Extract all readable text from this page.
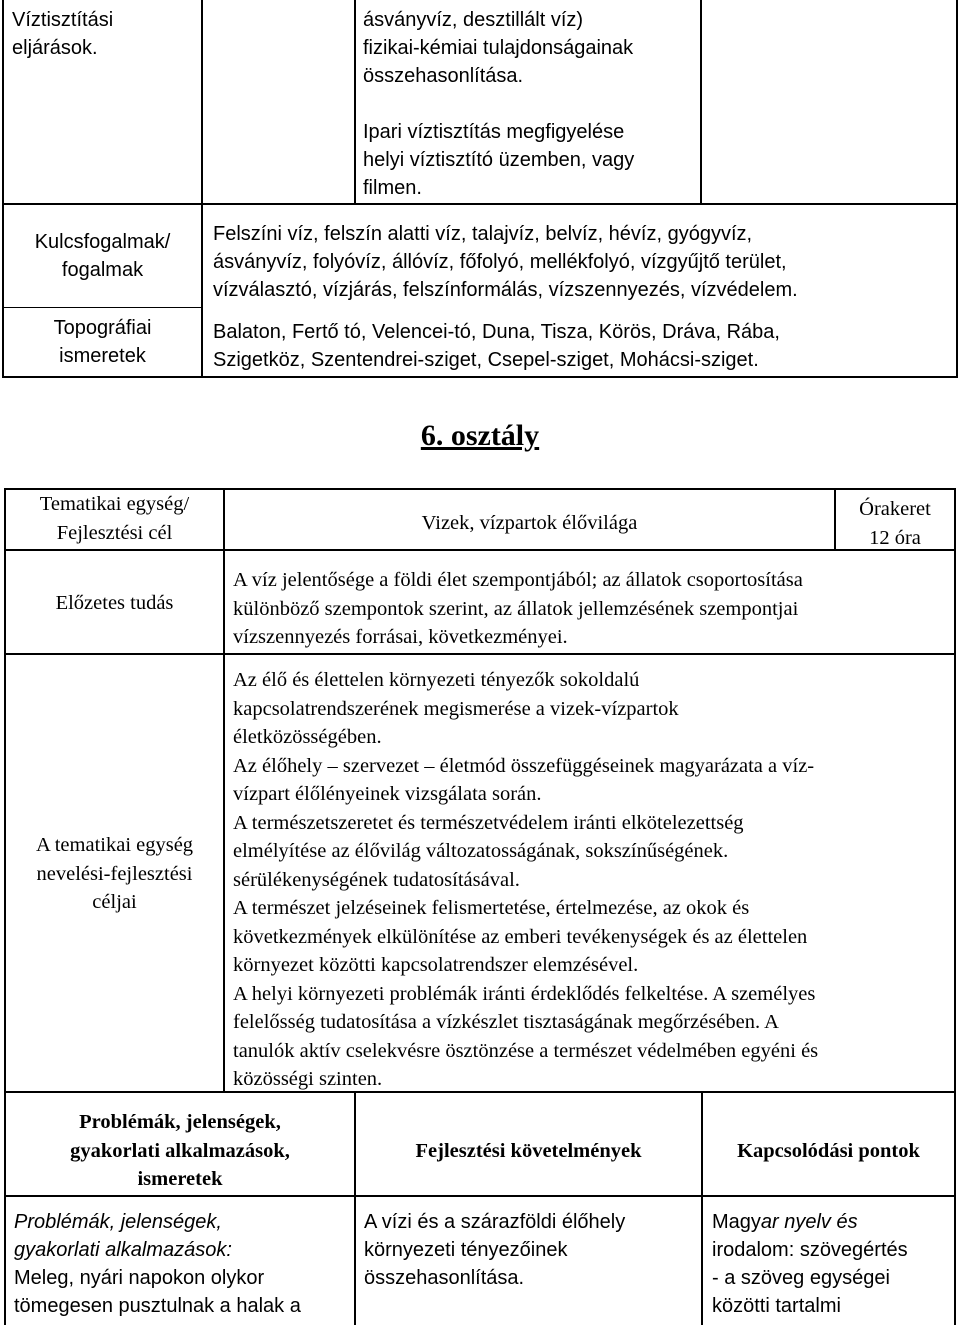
Víztisztítási eljárások.

ásványvíz, desztillált víz)

fizikai-kémiai tulajdonságainak

összehasonlítása.

Ipari víztisztítás megfigyelése

helyi víztisztító üzemben, vagy

filmen.

Kulcsfogalmak/

fogalmak

Felszíni víz, felszín alatti víz, talajvíz, belvíz, hévíz, gyógyvíz,

ásványvíz, folyóvíz, állóvíz, főfolyó, mellékfolyó, vízgyűjtő terület,

vízválasztó, vízjárás, felszínformálás, vízszennyezés, vízvédelem.

Topográfiai

ismeretek

Balaton, Fertő tó, Velencei-tó, Duna, Tisza, Körös, Dráva, Rába,

Szigetköz, Szentendrei-sziget, Csepel-sziget, Mohácsi-sziget.

6. osztály

Tematikai egység/

Fejlesztési cél	Vizek, vízpartok élővilága

Órakeret

12 óra

Előzetes tudás

A víz jelentősége a földi élet szempontjából; az állatok csoportosítása

különböző szempontok szerint, az állatok jellemzésének szempontjai

vízszennyezés forrásai, következményei.

A tematikai egység

nevelési-fejlesztési

céljai

Az élő és élettelen környezeti tényezők sokoldalú

kapcsolatrendszerének megismerése a vizek-vízpartok

életközösségében.

Az élőhely – szervezet – életmód összefüggéseinek magyarázata a víz-

vízpart élőlényeinek vizsgálata során.

A természetszeretet és természetvédelem iránti elkötelezettség

elmélyítése az élővilág változatosságának, sokszínűségének.

sérülékenységének tudatosításával.

A természet jelzéseinek felismertetése, értelmezése, az okok és

következmények elkülönítése az emberi tevékenységek és az élettelen

környezet közötti kapcsolatrendszer elemzésével.

A helyi környezeti problémák iránti érdeklődés felkeltése. A személyes

felelősség tudatosítása a vízkészlet tisztaságának megőrzésében. A

tanulók aktív cselekvésre ösztönzése a természet védelmében egyéni és

közösségi szinten.

Problémák, jelenségek,

gyakorlati alkalmazások,

ismeretek

Fejlesztési követelmények	Kapcsolódási pontok

Problémák, jelenségek,

gyakorlati alkalmazások:

Meleg, nyári napokon olykor

tömegesen pusztulnak a halak a

A vízi és a szárazföldi élőhely

környezeti tényezőinek

összehasonlítása.

Magyar nyelv és

irodalom: szövegértés

- a szöveg egységei

közötti tartalmi
